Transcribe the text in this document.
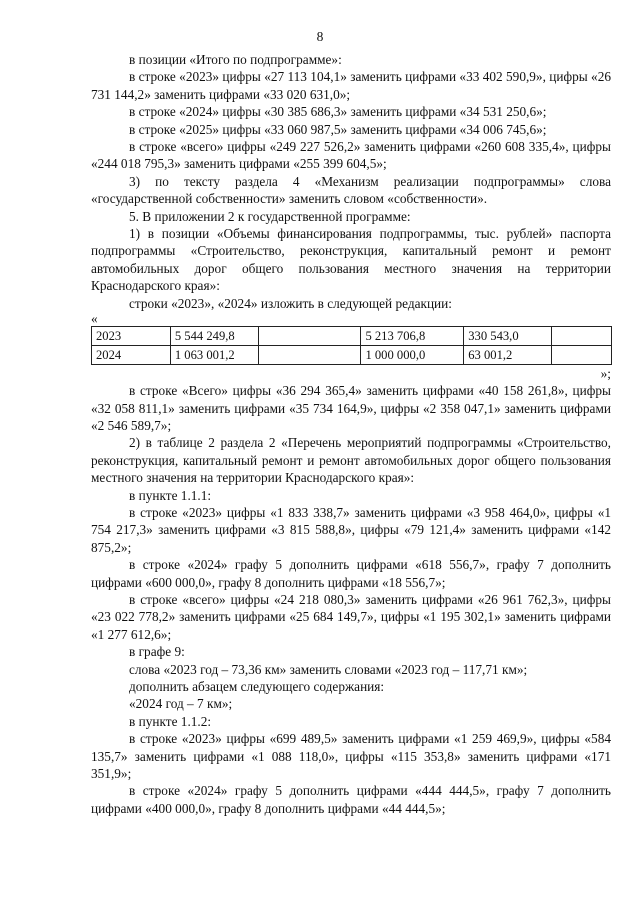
8

в позиции «Итого по подпрограмме»:

в строке «2023» цифры «27 113 104,1» заменить цифрами «33 402 590,9», цифры «26 731 144,2» заменить цифрами «33 020 631,0»;

в строке «2024» цифры «30 385 686,3» заменить цифрами «34 531 250,6»;

в строке «2025» цифры «33 060 987,5» заменить цифрами «34 006 745,6»;

в строке «всего» цифры «249 227 526,2» заменить цифрами «260 608 335,4», цифры «244 018 795,3» заменить цифрами «255 399 604,5»;

3) по тексту раздела 4 «Механизм реализации подпрограммы» слова «государственной собственности» заменить словом «собственности».

5. В приложении 2 к государственной программе:

1) в позиции «Объемы финансирования подпрограммы, тыс. рублей» паспорта подпрограммы «Строительство, реконструкция, капитальный ремонт и ремонт автомобильных дорог общего пользования местного значения на территории Краснодарского края»:

строки «2023», «2024» изложить в следующей редакции:

«

2023	5 544 249,8		5 213 706,8	330 543,0	
2024	1 063 001,2		1 000 000,0	63 001,2	

»;

в строке «Всего» цифры «36 294 365,4» заменить цифрами «40 158 261,8», цифры «32 058 811,1» заменить цифрами «35 734 164,9», цифры «2 358 047,1» заменить цифрами «2 546 589,7»;

2) в таблице 2 раздела 2 «Перечень мероприятий подпрограммы «Строительство, реконструкция, капитальный ремонт и ремонт автомобильных дорог общего пользования местного значения на территории Краснодарского края»:

в пункте 1.1.1:

в строке «2023» цифры «1 833 338,7» заменить цифрами «3 958 464,0», цифры «1 754 217,3» заменить цифрами «3 815 588,8», цифры «79 121,4» заменить цифрами «142 875,2»;

в строке «2024» графу 5 дополнить цифрами «618 556,7», графу 7 дополнить цифрами «600 000,0», графу 8 дополнить цифрами «18 556,7»;

в строке «всего» цифры «24 218 080,3» заменить цифрами «26 961 762,3», цифры «23 022 778,2» заменить цифрами «25 684 149,7», цифры «1 195 302,1» заменить цифрами «1 277 612,6»;

в графе 9:

слова «2023 год – 73,36 км» заменить словами «2023 год – 117,71 км»;

дополнить абзацем следующего содержания:

«2024 год – 7 км»;

в пункте 1.1.2:

в строке «2023» цифры «699 489,5» заменить цифрами «1 259 469,9», цифры «584 135,7» заменить цифрами «1 088 118,0», цифры «115 353,8» заменить цифрами «171 351,9»;

в строке «2024» графу 5 дополнить цифрами «444 444,5», графу 7 дополнить цифрами «400 000,0», графу 8 дополнить цифрами «44 444,5»;
